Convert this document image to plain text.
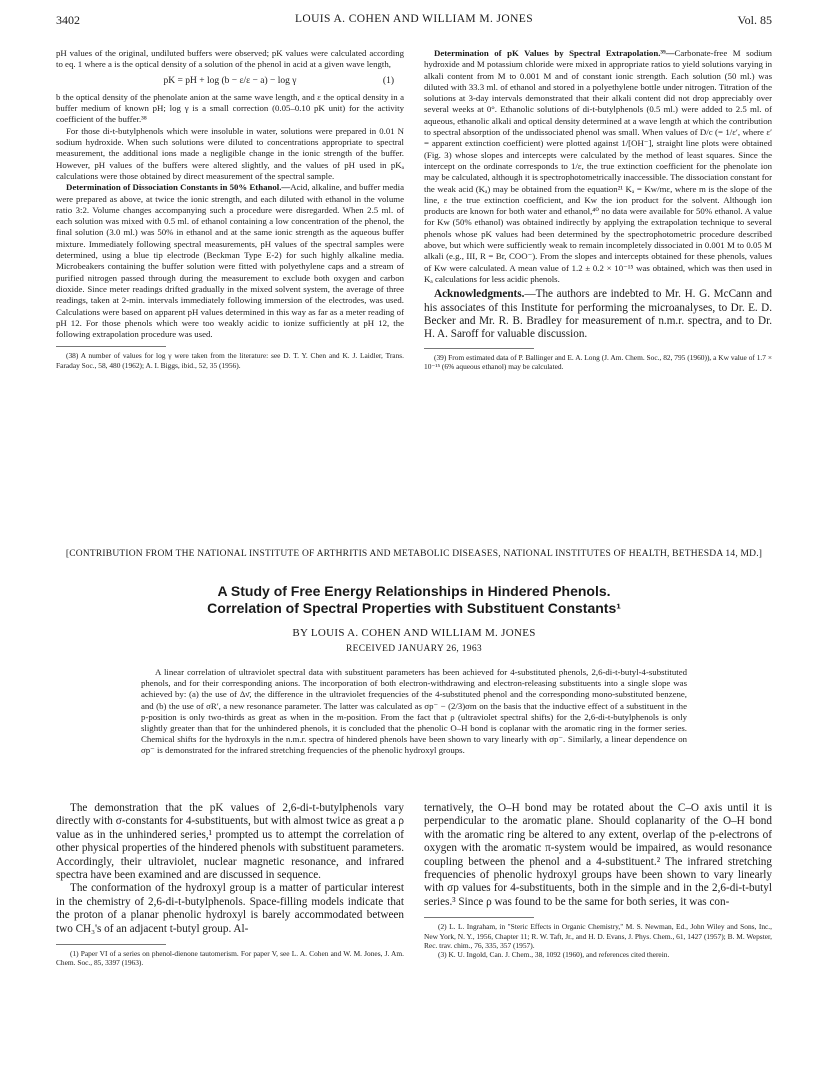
3402	LOUIS A. COHEN AND WILLIAM M. JONES	Vol. 85

pH values of the original, undiluted buffers were observed; pK values were calculated according to eq. 1 where a is the optical density of a solution of the phenol in acid at a given wave length,

pK = pH + log (b − ε/ε − a) − log γ	(1)

b the optical density of the phenolate anion at the same wave length, and ε the optical density in a buffer medium of known pH; log γ is a small correction (0.05–0.10 pK unit) for the activity coefficient of the buffer.³⁸

For those di-t-butylphenols which were insoluble in water, solutions were prepared in 0.01 N sodium hydroxide. When such solutions were diluted to concentrations appropriate to spectral measurement, the additional ions made a negligible change in the ionic strength of the buffer. However, pH values of the buffers were altered slightly, and the values of pH used in pKₐ calculations were those obtained by direct measurement of the spectral sample.

Determination of Dissociation Constants in 50% Ethanol.—Acid, alkaline, and buffer media were prepared as above, at twice the ionic strength, and each diluted with ethanol in the volume ratio 3:2. Volume changes accompanying such a procedure were disregarded. When 2.5 ml. of each solution was mixed with 0.5 ml. of ethanol containing a low concentration of the phenol, the final solution (3.0 ml.) was 50% in ethanol and at the same ionic strength as the aqueous buffer mixture. Immediately following spectral measurements, pH values of the spectral samples were determined, using a blue tip electrode (Beckman Type E-2) for such highly alkaline media. Microbeakers containing the buffer solution were fitted with polyethylene caps and a stream of purified nitrogen passed through during the measurement to exclude both oxygen and carbon dioxide. Since meter readings drifted gradually in the mixed solvent system, the average of three readings, taken at 2-min. intervals immediately following immersion of the electrodes, was used. Calculations were based on apparent pH values determined in this way as far as a meter reading of pH 12. For those phenols which were too weakly acidic to ionize sufficiently at pH 12, the following extrapolation procedure was used.

(38) A number of values for log γ were taken from the literature: see D. T. Y. Chen and K. J. Laidler, Trans. Faraday Soc., 58, 480 (1962); A. I. Biggs, ibid., 52, 35 (1956).

Determination of pK Values by Spectral Extrapolation.³⁹—Carbonate-free M sodium hydroxide and M potassium chloride were mixed in appropriate ratios to yield solutions varying in alkali content from M to 0.001 M and of constant ionic strength. Each solution (50 ml.) was diluted with 33.3 ml. of ethanol and stored in a polyethylene bottle under nitrogen. Titration of the solutions at 3-day intervals demonstrated that their alkali content did not drop appreciably over several weeks at 0°. Ethanolic solutions of di-t-butylphenols (0.5 ml.) were added to 2.5 ml. of aqueous, ethanolic alkali and optical density determined at a wave length at which the contribution to spectral absorption of the undissociated phenol was small. When values of D/c (= 1/ε′, where ε′ = apparent extinction coefficient) were plotted against 1/[OH⁻], straight line plots were obtained (Fig. 3) whose slopes and intercepts were calculated by the method of least squares. Since the intercept on the ordinate corresponds to 1/ε, the true extinction coefficient for the phenolate ion may be calculated, although it is spectrophotometrically inaccessible. The dissociation constant for the weak acid (Kₐ) may be obtained from the equation²¹ Kₐ = Kw/mε, where m is the slope of the line, ε the true extinction coefficient, and Kw the ion product for the solvent. Although ion products are known for both water and ethanol,⁴⁰ no data were available for 50% ethanol. A value for Kw (50% ethanol) was obtained indirectly by applying the extrapolation technique to several phenols whose pK values had been determined by the spectrophotometric procedure described above, but which were sufficiently weak to remain incompletely dissociated in 0.001 M to 0.05 M alkali (e.g., III, R = Br, COO⁻). From the slopes and intercepts obtained for these phenols, values of Kw were calculated. A mean value of 1.2 ± 0.2 × 10⁻¹⁵ was obtained, which was then used in Kₐ calculations for less acidic phenols.

Acknowledgments.—The authors are indebted to Mr. H. G. McCann and his associates of this Institute for performing the microanalyses, to Dr. E. D. Becker and Mr. R. B. Bradley for measurement of n.m.r. spectra, and to Dr. H. A. Saroff for valuable discussion.

(39) From estimated data of P. Ballinger and E. A. Long (J. Am. Chem. Soc., 82, 795 (1960)), a Kw value of 1.7 × 10⁻¹⁵ (6% aqueous ethanol) may be calculated.

[CONTRIBUTION FROM THE NATIONAL INSTITUTE OF ARTHRITIS AND METABOLIC DISEASES, NATIONAL INSTITUTES OF HEALTH, BETHESDA 14, MD.]
A Study of Free Energy Relationships in Hindered Phenols.
Correlation of Spectral Properties with Substituent Constants¹
BY LOUIS A. COHEN AND WILLIAM M. JONES
RECEIVED JANUARY 26, 1963

A linear correlation of ultraviolet spectral data with substituent parameters has been achieved for 4-substituted phenols, 2,6-di-t-butyl-4-substituted phenols, and for their corresponding anions. The incorporation of both electron-withdrawing and electron-releasing substituents into a single slope was achieved by: (a) the use of Δν̄, the difference in the ultraviolet frequencies of the 4-substituted phenol and the corresponding mono-substituted benzene, and (b) the use of σR′, a new resonance parameter. The latter was calculated as σp⁻ − (2/3)σm on the basis that the inductive effect of a substituent in the p-position is only two-thirds as great as when in the m-position. From the fact that ρ (ultraviolet spectral shifts) for the 2,6-di-t-butylphenols is only slightly greater than that for the unhindered phenols, it is concluded that the phenolic O–H bond is coplanar with the aromatic ring in the former series. Chemical shifts for the hydroxyls in the n.m.r. spectra of hindered phenols have been shown to vary linearly with σp⁻. Similarly, a linear dependence on σp⁻ is demonstrated for the infrared stretching frequencies of the phenolic hydroxyl groups.

The demonstration that the pK values of 2,6-di-t-butylphenols vary directly with σ-constants for 4-substituents, but with almost twice as great a ρ value as in the unhindered series,¹ prompted us to attempt the correlation of other physical properties of the hindered phenols with substituent parameters. Accordingly, their ultraviolet, nuclear magnetic resonance, and infrared spectra have been examined and are discussed in sequence.

The conformation of the hydroxyl group is a matter of particular interest in the chemistry of 2,6-di-t-butylphenols. Space-filling models indicate that the proton of a planar phenolic hydroxyl is barely accommodated between two CH₃'s of an adjacent t-butyl group. Al-

(1) Paper VI of a series on phenol-dienone tautomerism. For paper V, see L. A. Cohen and W. M. Jones, J. Am. Chem. Soc., 85, 3397 (1963).

ternatively, the O–H bond may be rotated about the C–O axis until it is perpendicular to the aromatic plane. Should coplanarity of the O–H bond with the aromatic ring be altered to any extent, overlap of the p-electrons of oxygen with the aromatic π-system would be impaired, as would resonance coupling between the phenol and a 4-substituent.² The infrared stretching frequencies of phenolic hydroxyl groups have been shown to vary linearly with σp values for 4-substituents, both in the simple and in the 2,6-di-t-butyl series.³ Since ρ was found to be the same for both series, it was con-

(2) L. L. Ingraham, in "Steric Effects in Organic Chemistry," M. S. Newman, Ed., John Wiley and Sons, Inc., New York, N. Y., 1956, Chapter 11; R. W. Taft, Jr., and H. D. Evans, J. Phys. Chem., 61, 1427 (1957); B. M. Wepster, Rec. trav. chim., 76, 335, 357 (1957).

(3) K. U. Ingold, Can. J. Chem., 38, 1092 (1960), and references cited therein.
